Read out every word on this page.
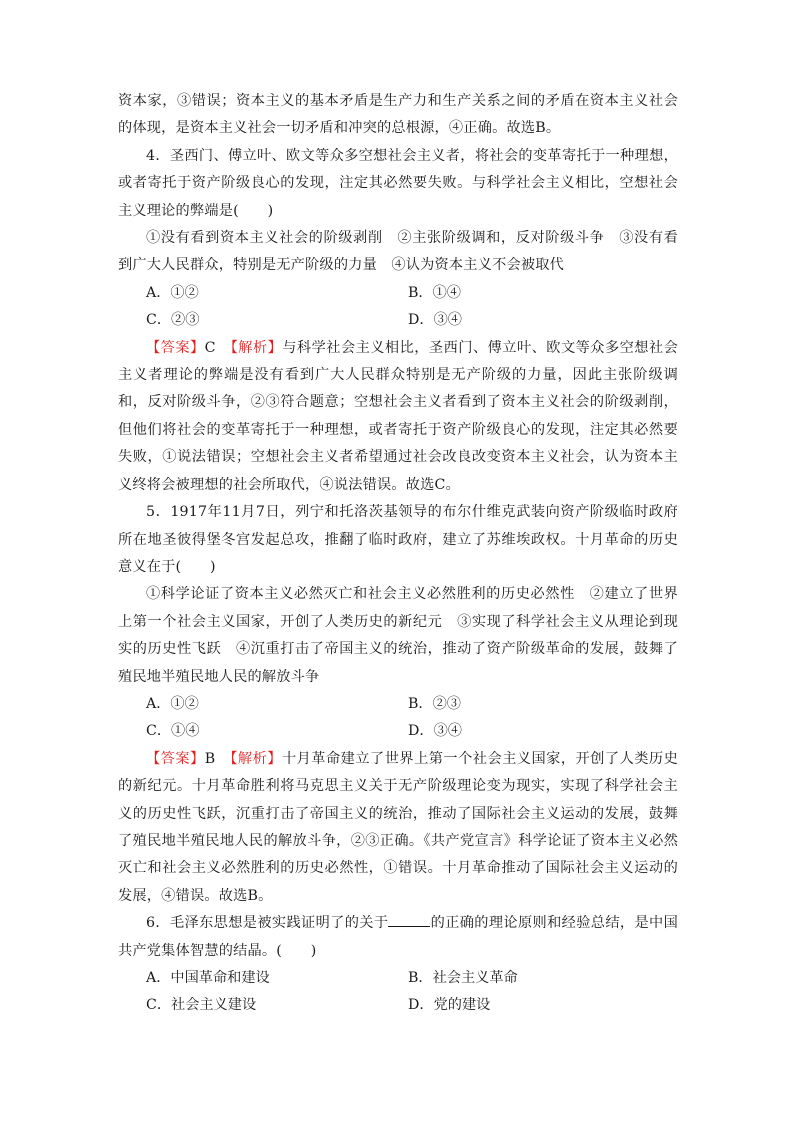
资本家，③错误；资本主义的基本矛盾是生产力和生产关系之间的矛盾在资本主义社会的体现，是资本主义社会一切矛盾和冲突的总根源，④正确。故选B。

4．圣西门、傅立叶、欧文等众多空想社会主义者，将社会的变革寄托于一种理想，或者寄托于资产阶级良心的发现，注定其必然要失败。与科学社会主义相比，空想社会主义理论的弊端是(　　)

①没有看到资本主义社会的阶级剥削　②主张阶级调和，反对阶级斗争　③没有看到广大人民群众，特别是无产阶级的力量　④认为资本主义不会被取代

A．①②	B．①④
C．②③	D．③④

【答案】C　【解析】与科学社会主义相比，圣西门、傅立叶、欧文等众多空想社会主义者理论的弊端是没有看到广大人民群众特别是无产阶级的力量，因此主张阶级调和，反对阶级斗争，②③符合题意；空想社会主义者看到了资本主义社会的阶级剥削，但他们将社会的变革寄托于一种理想，或者寄托于资产阶级良心的发现，注定其必然要失败，①说法错误；空想社会主义者希望通过社会改良改变资本主义社会，认为资本主义终将会被理想的社会所取代，④说法错误。故选C。

5．1917年11月7日，列宁和托洛茨基领导的布尔什维克武装向资产阶级临时政府所在地圣彼得堡冬宫发起总攻，推翻了临时政府，建立了苏维埃政权。十月革命的历史意义在于(　　)

①科学论证了资本主义必然灭亡和社会主义必然胜利的历史必然性　②建立了世界上第一个社会主义国家，开创了人类历史的新纪元　③实现了科学社会主义从理论到现实的历史性飞跃　④沉重打击了帝国主义的统治，推动了资产阶级革命的发展，鼓舞了殖民地半殖民地人民的解放斗争

A．①②	B．②③
C．①④	D．③④

【答案】B　【解析】十月革命建立了世界上第一个社会主义国家，开创了人类历史的新纪元。十月革命胜利将马克思主义关于无产阶级理论变为现实，实现了科学社会主义的历史性飞跃，沉重打击了帝国主义的统治，推动了国际社会主义运动的发展，鼓舞了殖民地半殖民地人民的解放斗争，②③正确。《共产党宣言》科学论证了资本主义必然灭亡和社会主义必然胜利的历史必然性，①错误。十月革命推动了国际社会主义运动的发展，④错误。故选B。

6．毛泽东思想是被实践证明了的关于	的正确的理论原则和经验总结，是中国共产党集体智慧的结晶。(　　)

A．中国革命和建设	B．社会主义革命
C．社会主义建设	D．党的建设
